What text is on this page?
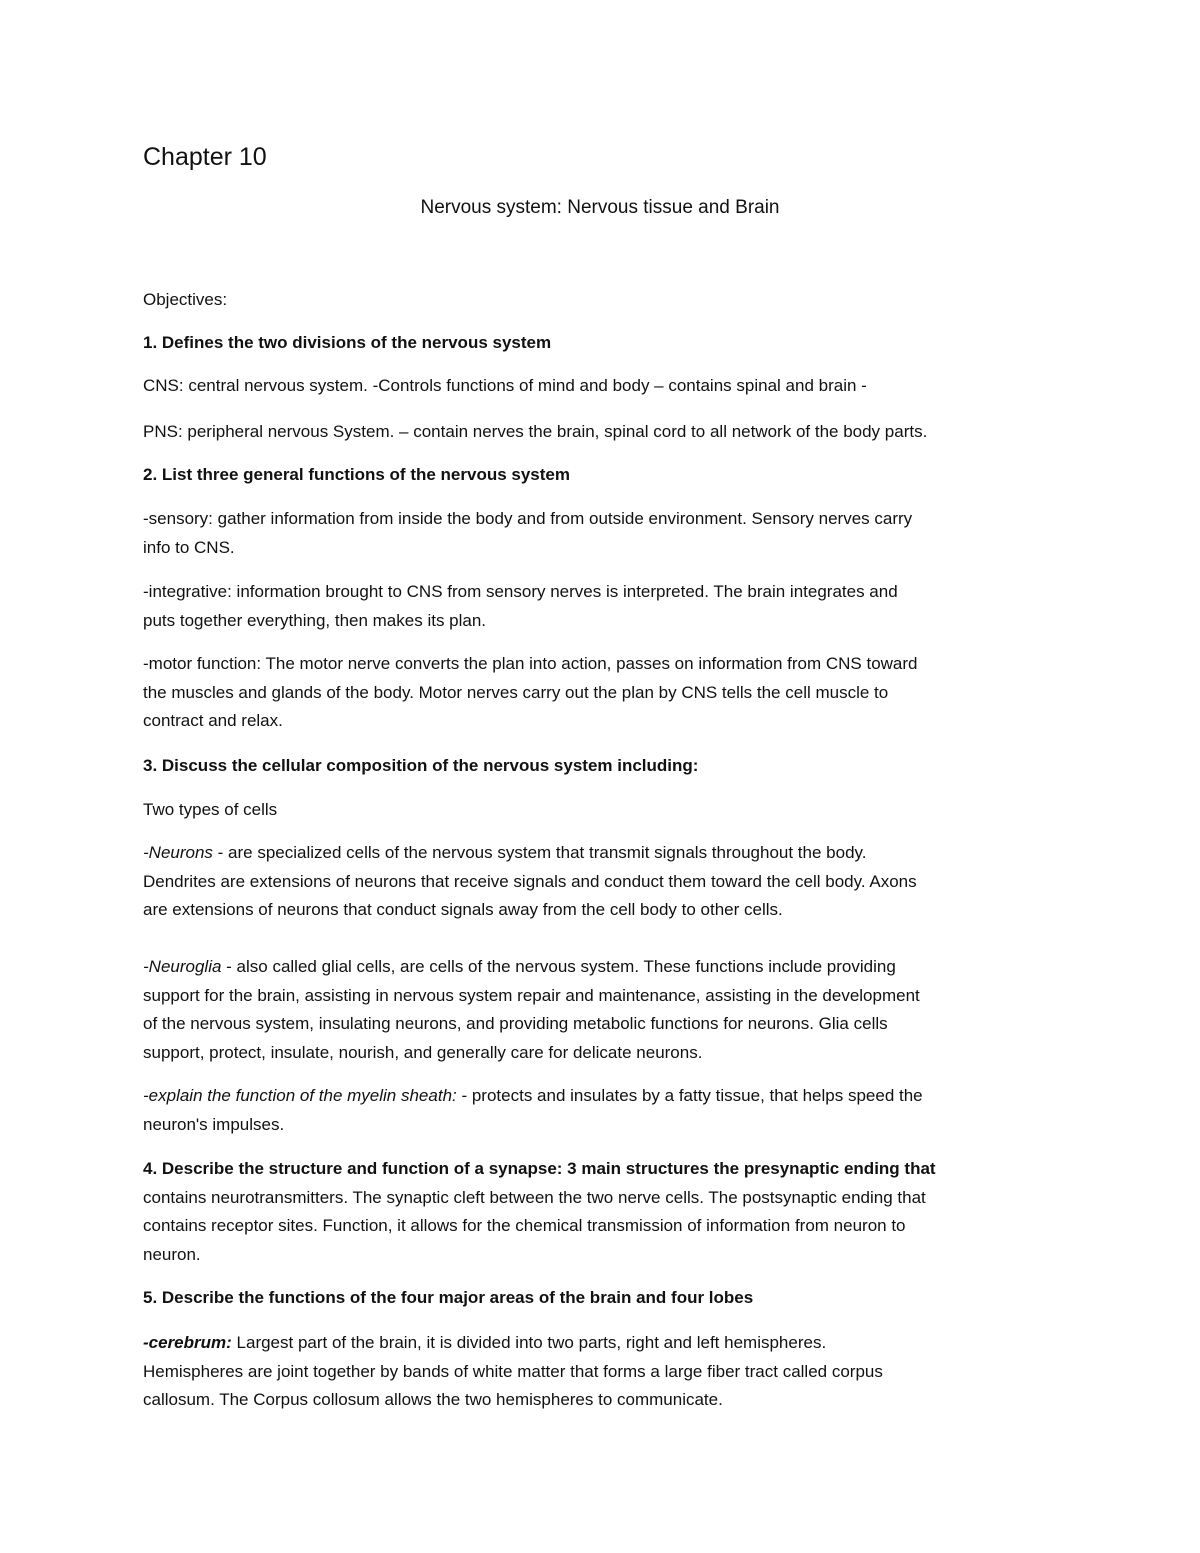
Chapter 10
Nervous system: Nervous tissue and Brain

Objectives:

1. Defines the two divisions of the nervous system

CNS: central nervous system. -Controls functions of mind and body – contains spinal and brain -

PNS: peripheral nervous System. – contain nerves the brain, spinal cord to all network of the body parts.

2. List three general functions of the nervous system

-sensory: gather information from inside the body and from outside environment. Sensory nerves carry

info to CNS.

-integrative: information brought to CNS from sensory nerves is interpreted. The brain integrates and

puts together everything, then makes its plan.

-motor function: The motor nerve converts the plan into action, passes on information from CNS toward

the muscles and glands of the body. Motor nerves carry out the plan by CNS tells the cell muscle to

contract and relax.

3. Discuss the cellular composition of the nervous system including:

Two types of cells

-Neurons - are specialized cells of the nervous system that transmit signals throughout the body.

Dendrites are extensions of neurons that receive signals and conduct them toward the cell body. Axons

are extensions of neurons that conduct signals away from the cell body to other cells.

-Neuroglia - also called glial cells, are cells of the nervous system. These functions include providing

support for the brain, assisting in nervous system repair and maintenance, assisting in the development

of the nervous system, insulating neurons, and providing metabolic functions for neurons. Glia cells

support, protect, insulate, nourish, and generally care for delicate neurons.

-explain the function of the myelin sheath: - protects and insulates by a fatty tissue, that helps speed the

neuron's impulses.

4. Describe the structure and function of a synapse: 3 main structures the presynaptic ending that

contains neurotransmitters. The synaptic cleft between the two nerve cells. The postsynaptic ending that

contains receptor sites. Function, it allows for the chemical transmission of information from neuron to

neuron.

5. Describe the functions of the four major areas of the brain and four lobes

-cerebrum: Largest part of the brain, it is divided into two parts, right and left hemispheres.

Hemispheres are joint together by bands of white matter that forms a large fiber tract called corpus

callosum. The Corpus collosum allows the two hemispheres to communicate.
